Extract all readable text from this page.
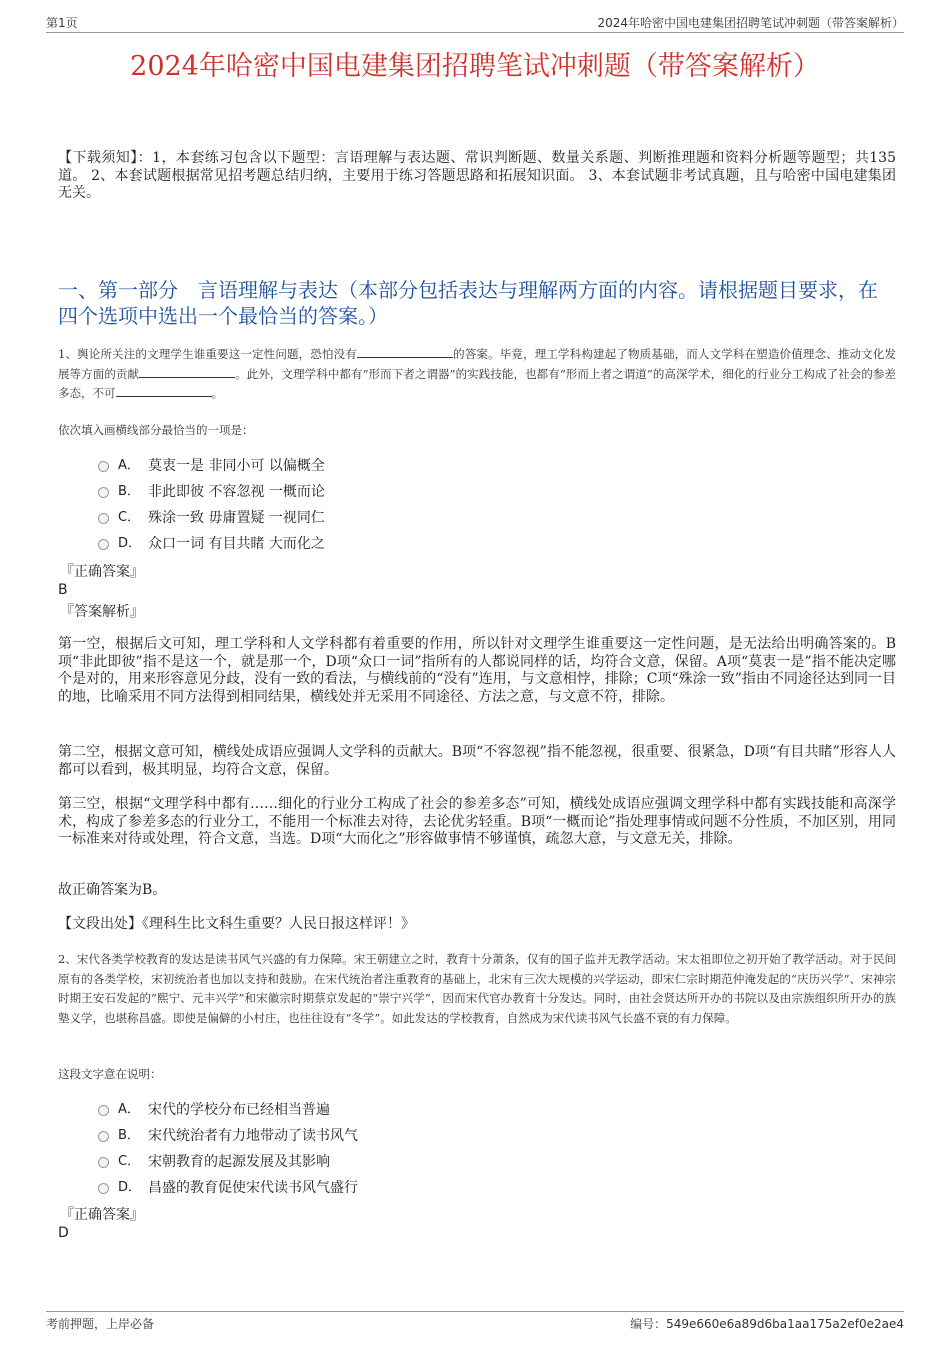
第1页	2024年哈密中国电建集团招聘笔试冲刺题（带答案解析）
2024年哈密中国电建集团招聘笔试冲刺题（带答案解析）
【下载须知】：1，本套练习包含以下题型：言语理解与表达题、常识判断题、数量关系题、判断推理题和资料分析题等题型；共135道。 2、本套试题根据常见招考题总结归纳，主要用于练习答题思路和拓展知识面。 3、本套试题非考试真题，且与哈密中国电建集团无关。
一、第一部分　言语理解与表达（本部分包括表达与理解两方面的内容。请根据题目要求，在四个选项中选出一个最恰当的答案。）
1、舆论所关注的文理学生谁重要这一定性问题，恐怕没有	的答案。毕竟，理工学科构建起了物质基础，而人文学科在塑造价值理念、推动文化发展等方面的贡献	。此外，文理学科中都有“形而下者之谓器”的实践技能，也都有“形而上者之谓道”的高深学术，细化的行业分工构成了社会的参差多态，不可	。
依次填入画横线部分最恰当的一项是：
A． 莫衷一是 非同小可 以偏概全
B． 非此即彼 不容忽视 一概而论
C． 殊涂一致 毋庸置疑 一视同仁
D． 众口一词 有目共睹 大而化之
『正确答案』
B
『答案解析』
第一空，根据后文可知，理工学科和人文学科都有着重要的作用，所以针对文理学生谁重要这一定性问题，是无法给出明确答案的。B项“非此即彼”指不是这一个，就是那一个，D项“众口一词”指所有的人都说同样的话，均符合文意，保留。A项“莫衷一是”指不能决定哪个是对的，用来形容意见分歧，没有一致的看法，与横线前的“没有”连用，与文意相悖，排除；C项“殊涂一致”指由不同途径达到同一目的地，比喻采用不同方法得到相同结果，横线处并无采用不同途径、方法之意，与文意不符，排除。
第二空，根据文意可知，横线处成语应强调人文学科的贡献大。B项“不容忽视”指不能忽视，很重要、很紧急，D项“有目共睹”形容人人都可以看到，极其明显，均符合文意，保留。
第三空，根据“文理学科中都有……细化的行业分工构成了社会的参差多态”可知，横线处成语应强调文理学科中都有实践技能和高深学术，构成了参差多态的行业分工，不能用一个标准去对待，去论优劣轻重。B项“一概而论”指处理事情或问题不分性质，不加区别，用同一标准来对待或处理，符合文意，当选。D项“大而化之”形容做事情不够谨慎，疏忽大意，与文意无关，排除。
故正确答案为B。
【文段出处】《理科生比文科生重要？人民日报这样评！》
2、宋代各类学校教育的发达是读书风气兴盛的有力保障。宋王朝建立之时，教育十分萧条，仅有的国子监并无教学活动。宋太祖即位之初开始了教学活动。对于民间原有的各类学校，宋初统治者也加以支持和鼓励。在宋代统治者注重教育的基础上，北宋有三次大规模的兴学运动，即宋仁宗时期范仲淹发起的“庆历兴学”、宋神宗时期王安石发起的“熙宁、元丰兴学”和宋徽宗时期蔡京发起的“崇宁兴学”，因而宋代官办教育十分发达。同时，由社会贤达所开办的书院以及由宗族组织所开办的族塾义学，也堪称昌盛。即使是偏僻的小村庄，也往往设有“冬学”。如此发达的学校教育，自然成为宋代读书风气长盛不衰的有力保障。
这段文字意在说明：
A． 宋代的学校分布已经相当普遍
B． 宋代统治者有力地带动了读书风气
C． 宋朝教育的起源发展及其影响
D． 昌盛的教育促使宋代读书风气盛行
『正确答案』
D
考前押题，上岸必备	编号：549e660e6a89d6ba1aa175a2ef0e2ae4
